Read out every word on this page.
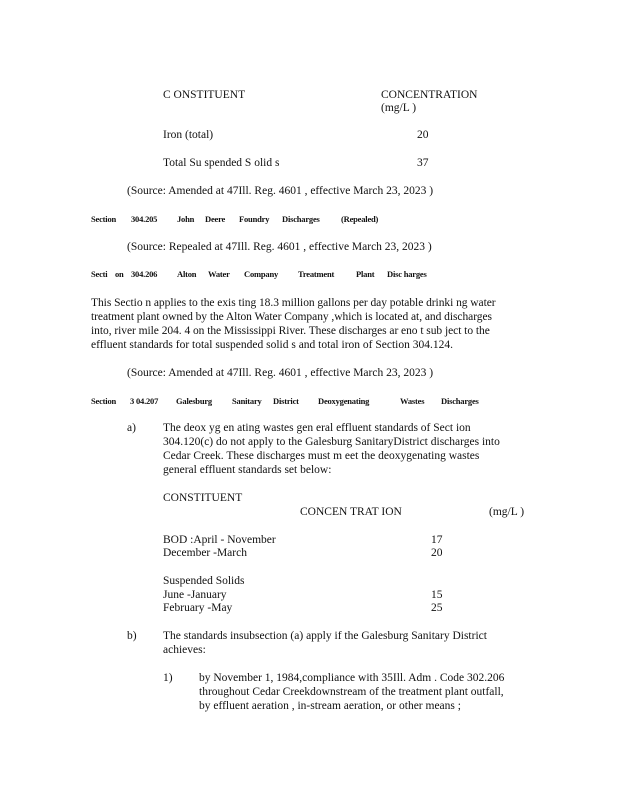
C ONSTITUENT	CONCENTRATION
(mg/L )
Iron (total)	20
Total Su spended S olid s	37
(Source: Amended at 47Ill. Reg. 4601 , effective March 23, 2023 )
Section 304.205 John Deere Foundry Discharges	(Repealed)
(Source: Repealed at 47Ill. Reg. 4601 , effective March 23, 2023 )
Secti on 304.206 Alton Water Company Treatment	Plant Disc harges
This Sectio n applies to the exis ting 18.3 million gallons per day potable drinki ng water
treatment plant owned by the Alton Water Company ,which is located at, and discharges
into, river mile 204. 4 on the Mississippi River. These discharges ar eno t sub ject to the
effluent standards for total suspended solid s and total iron of Section 304.124.
(Source: Amended at 47Ill. Reg. 4601 , effective March 23, 2023 )
Section 3 04.207 Galesburg Sanitary District Deoxygenating	Wastes Discharges
a) The deox yg en ating wastes gen eral effluent standards of Sect ion
304.120(c) do not apply to the Galesburg SanitaryDistrict discharges into
Cedar Creek. These discharges must m eet the deoxygenating wastes
general effluent standards set below:
CONSTITUENT
CONCEN TRAT ION	(mg/L )
BOD :April - November	17
December -March	20
Suspended Solids
June -January	15
February -May	25
b) The standards insubsection (a) apply if the Galesburg Sanitary District
achieves:
1) by November 1, 1984,compliance with 35Ill. Adm . Code 302.206
throughout Cedar Creekdownstream of the treatment plant outfall,
by effluent aeration , in-stream aeration, or other means ;
